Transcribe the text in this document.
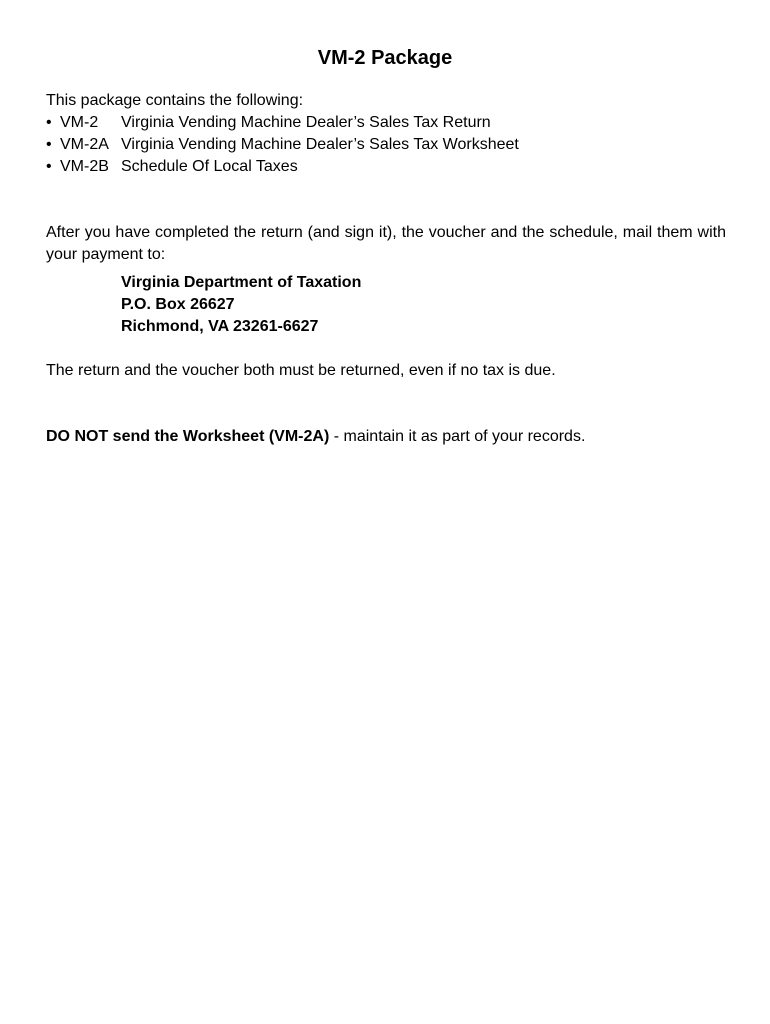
VM-2 Package

This package contains the following:

• VM-2	Virginia Vending Machine Dealer’s Sales Tax Return
• VM-2A Virginia Vending Machine Dealer’s Sales Tax Worksheet
• VM-2B Schedule Of Local Taxes

After you have completed the return (and sign it), the voucher and the schedule, mail them with your payment to:

Virginia Department of Taxation
P.O. Box 26627
Richmond, VA 23261-6627

The return and the voucher both must be returned, even if no tax is due.

DO NOT send the Worksheet (VM-2A) - maintain it as part of your records.
